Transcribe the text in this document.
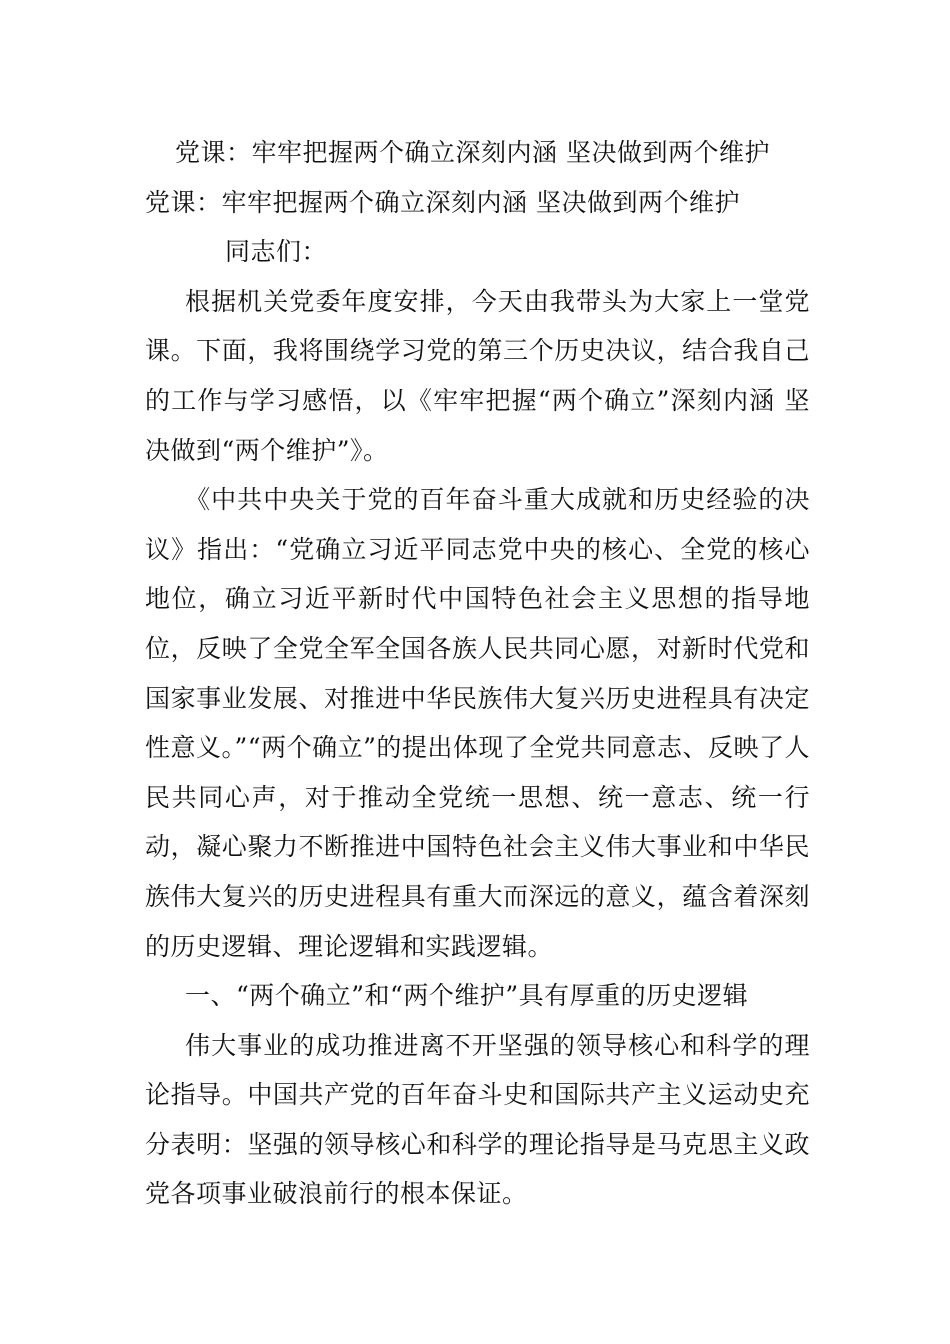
党课：牢牢把握两个确立深刻内涵 坚决做到两个维护
党课：牢牢把握两个确立深刻内涵 坚决做到两个维护
同志们：

根据机关党委年度安排，今天由我带头为大家上一堂党课。下面，我将围绕学习党的第三个历史决议，结合我自己的工作与学习感悟，以《牢牢把握“两个确立”深刻内涵 坚决做到“两个维护”》。

《中共中央关于党的百年奋斗重大成就和历史经验的决议》指出：“党确立习近平同志党中央的核心、全党的核心地位，确立习近平新时代中国特色社会主义思想的指导地位，反映了全党全军全国各族人民共同心愿，对新时代党和国家事业发展、对推进中华民族伟大复兴历史进程具有决定性意义。”“两个确立”的提出体现了全党共同意志、反映了人民共同心声，对于推动全党统一思想、统一意志、统一行动，凝心聚力不断推进中国特色社会主义伟大事业和中华民族伟大复兴的历史进程具有重大而深远的意义，蕴含着深刻的历史逻辑、理论逻辑和实践逻辑。

一、“两个确立”和“两个维护”具有厚重的历史逻辑

伟大事业的成功推进离不开坚强的领导核心和科学的理论指导。中国共产党的百年奋斗史和国际共产主义运动史充分表明：坚强的领导核心和科学的理论指导是马克思主义政党各项事业破浪前行的根本保证。
